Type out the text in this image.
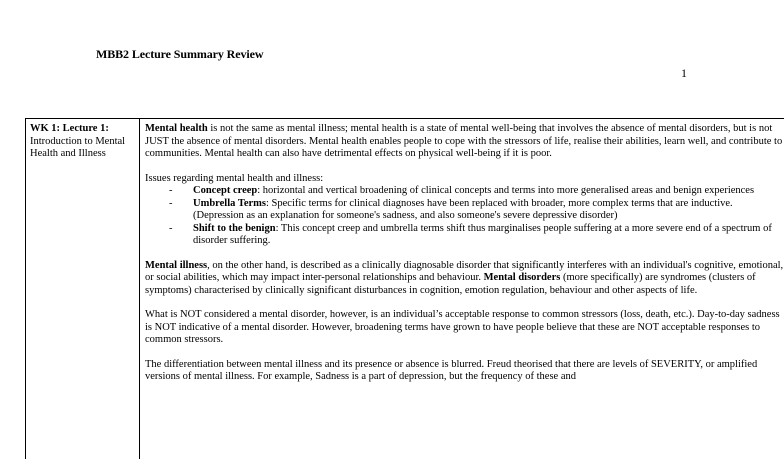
MBB2 Lecture Summary Review
1
WK 1: Lecture 1:
Introduction to Mental Health and Illness

Mental health is not the same as mental illness; mental health is a state of mental well-being that involves the absence of mental disorders, but is not JUST the absence of mental disorders. Mental health enables people to cope with the stressors of life, realise their abilities, learn well, and contribute to communities. Mental health can also have detrimental effects on physical well-being if it is poor.

Issues regarding mental health and illness:

- Concept creep: horizontal and vertical broadening of clinical concepts and terms into more generalised areas and benign experiences
- Umbrella Terms: Specific terms for clinical diagnoses have been replaced with broader, more complex terms that are inductive. (Depression as an explanation for someone's sadness, and also someone's severe depressive disorder)
- Shift to the benign: This concept creep and umbrella terms shift thus marginalises people suffering at a more severe end of a spectrum of disorder suffering.

Mental illness, on the other hand, is described as a clinically diagnosable disorder that significantly interferes with an individual's cognitive, emotional, or social abilities, which may impact inter-personal relationships and behaviour. Mental disorders (more specifically) are syndromes (clusters of symptoms) characterised by clinically significant disturbances in cognition, emotion regulation, behaviour and other aspects of life.

What is NOT considered a mental disorder, however, is an individual’s acceptable response to common stressors (loss, death, etc.). Day-to-day sadness is NOT indicative of a mental disorder. However, broadening terms have grown to have people believe that these are NOT acceptable responses to common stressors.

The differentiation between mental illness and its presence or absence is blurred. Freud theorised that there are levels of SEVERITY, or amplified versions of mental illness. For example, Sadness is a part of depression, but the frequency of these and
